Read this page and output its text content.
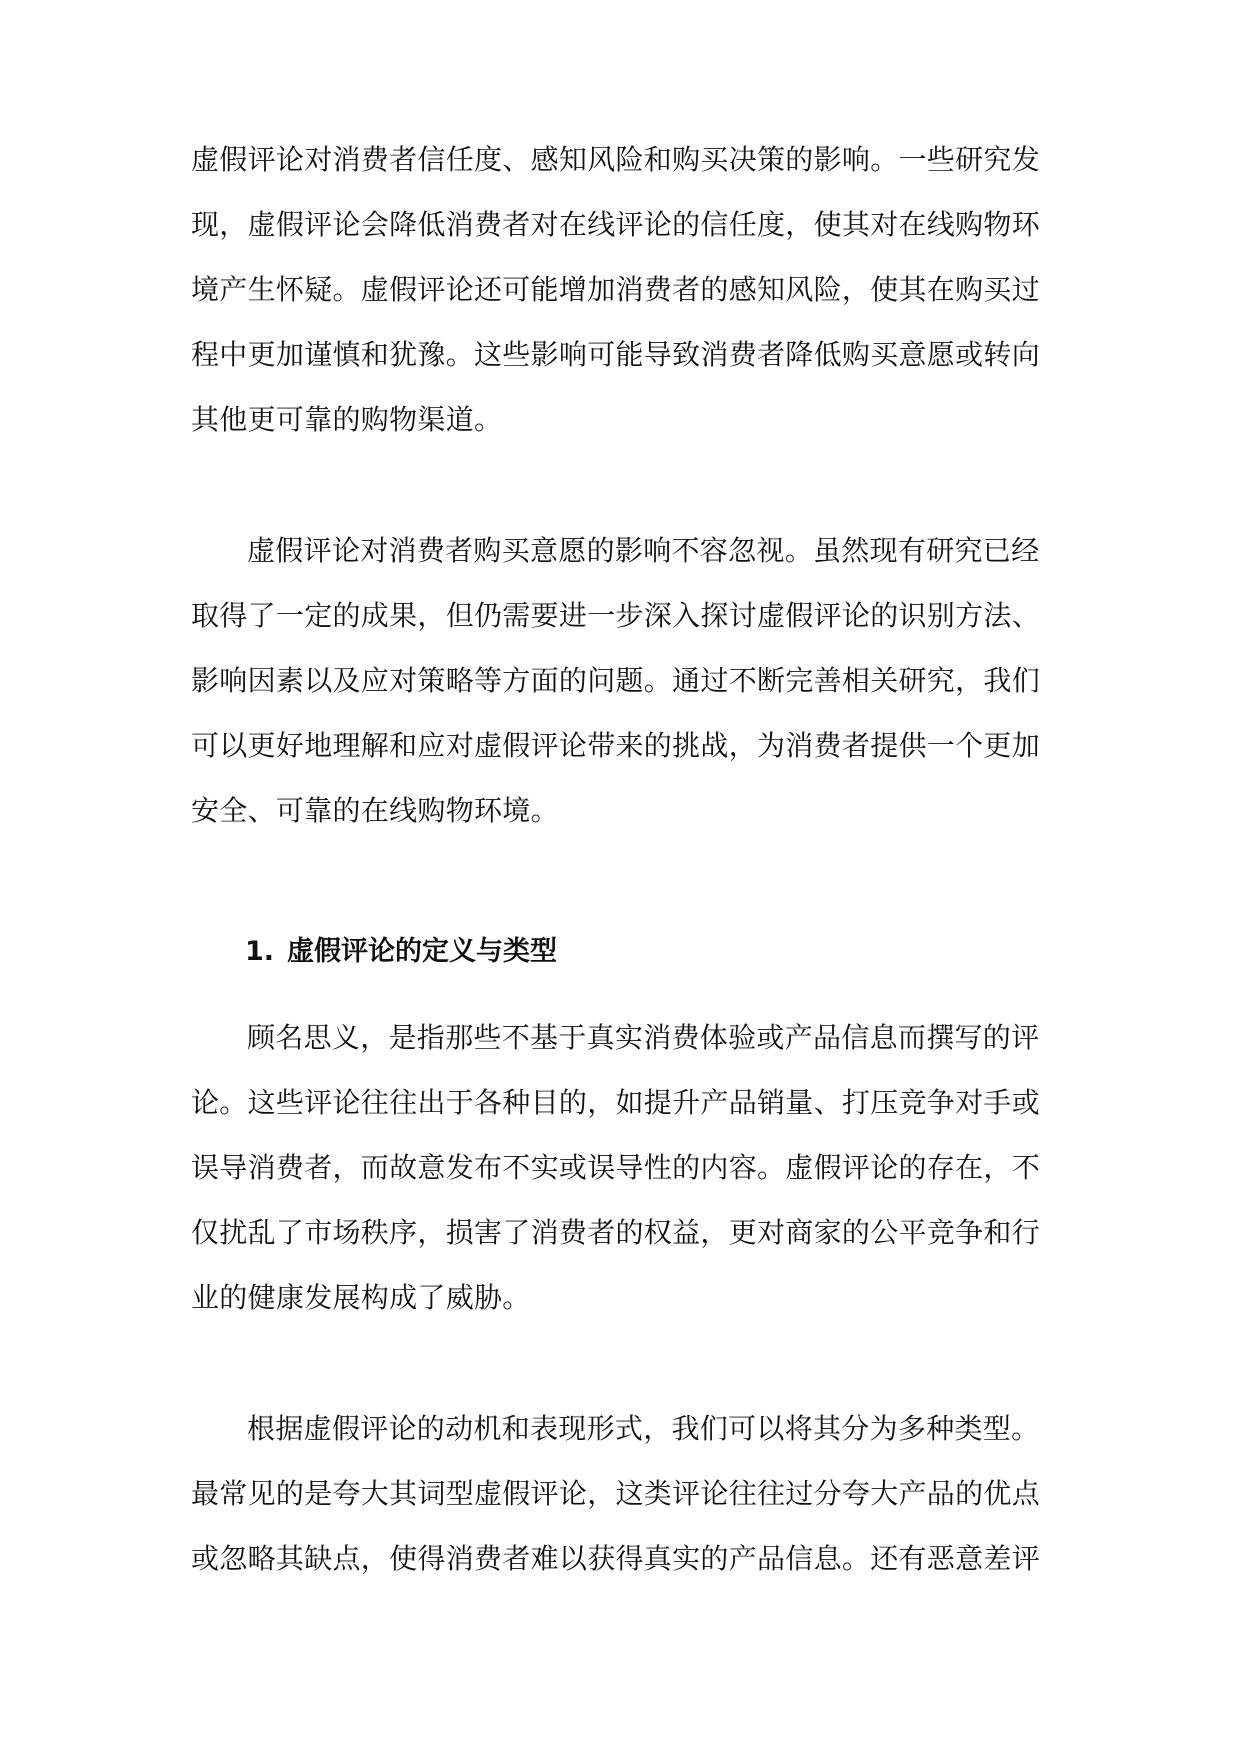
虚假评论对消费者信任度、感知风险和购买决策的影响。一些研究发
现，虚假评论会降低消费者对在线评论的信任度，使其对在线购物环
境产生怀疑。虚假评论还可能增加消费者的感知风险，使其在购买过
程中更加谨慎和犹豫。这些影响可能导致消费者降低购买意愿或转向
其他更可靠的购物渠道。

虚假评论对消费者购买意愿的影响不容忽视。虽然现有研究已经
取得了一定的成果，但仍需要进一步深入探讨虚假评论的识别方法、
影响因素以及应对策略等方面的问题。通过不断完善相关研究，我们
可以更好地理解和应对虚假评论带来的挑战，为消费者提供一个更加
安全、可靠的在线购物环境。

1. 虚假评论的定义与类型

顾名思义，是指那些不基于真实消费体验或产品信息而撰写的评
论。这些评论往往出于各种目的，如提升产品销量、打压竞争对手或
误导消费者，而故意发布不实或误导性的内容。虚假评论的存在，不
仅扰乱了市场秩序，损害了消费者的权益，更对商家的公平竞争和行
业的健康发展构成了威胁。

根据虚假评论的动机和表现形式，我们可以将其分为多种类型。
最常见的是夸大其词型虚假评论，这类评论往往过分夸大产品的优点
或忽略其缺点，使得消费者难以获得真实的产品信息。还有恶意差评
